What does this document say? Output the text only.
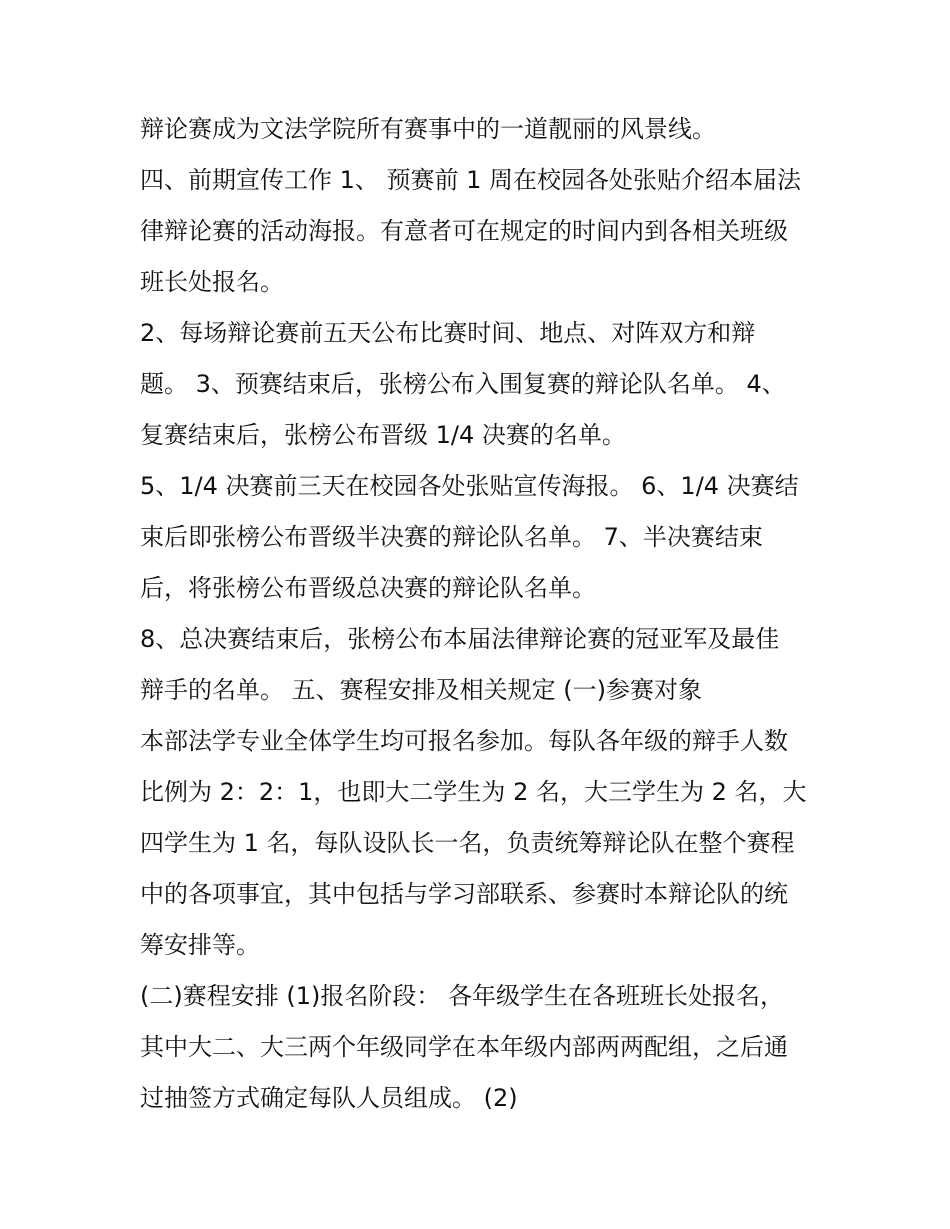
辩论赛成为文法学院所有赛事中的一道靓丽的风景线。
四、前期宣传工作 1、 预赛前 1 周在校园各处张贴介绍本届法
律辩论赛的活动海报。有意者可在规定的时间内到各相关班级
班长处报名。
2、每场辩论赛前五天公布比赛时间、地点、对阵双方和辩
题。 3、预赛结束后，张榜公布入围复赛的辩论队名单。 4、
复赛结束后，张榜公布晋级 1/4 决赛的名单。
5、1/4 决赛前三天在校园各处张贴宣传海报。 6、1/4 决赛结
束后即张榜公布晋级半决赛的辩论队名单。 7、半决赛结束
后，将张榜公布晋级总决赛的辩论队名单。
8、总决赛结束后，张榜公布本届法律辩论赛的冠亚军及最佳
辩手的名单。 五、赛程安排及相关规定 (一)参赛对象
本部法学专业全体学生均可报名参加。每队各年级的辩手人数
比例为 2：2：1，也即大二学生为 2 名，大三学生为 2 名，大
四学生为 1 名，每队设队长一名，负责统筹辩论队在整个赛程
中的各项事宜，其中包括与学习部联系、参赛时本辩论队的统
筹安排等。
(二)赛程安排 (1)报名阶段： 各年级学生在各班班长处报名，
其中大二、大三两个年级同学在本年级内部两两配组，之后通
过抽签方式确定每队人员组成。 (2)
